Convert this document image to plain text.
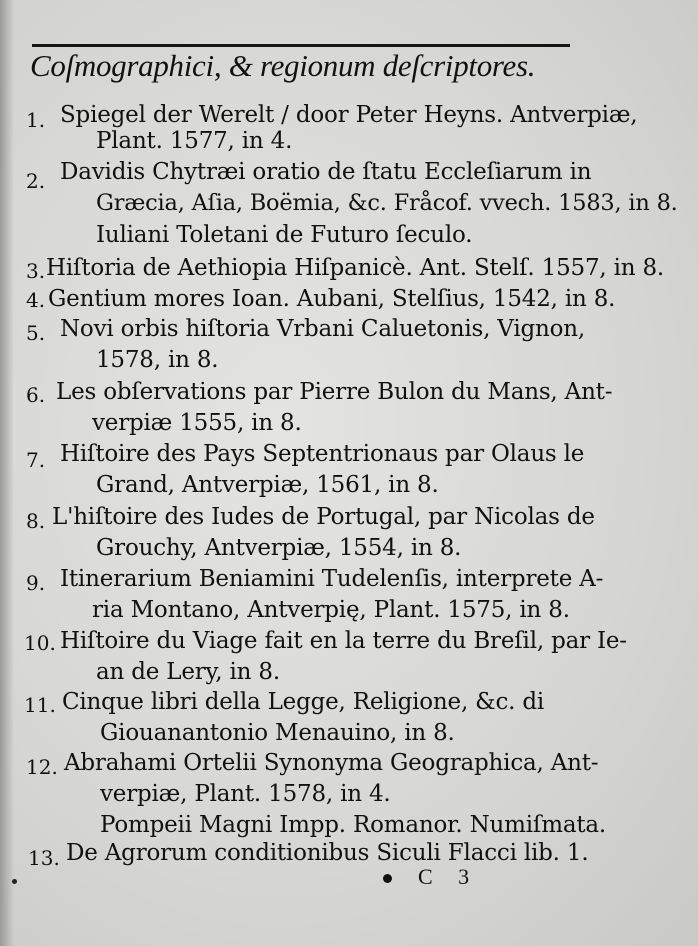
Coſmographici, & regionum deſcriptores.
1. Spiegel der Werelt / door Peter Heyns. Antverpiæ,
Plant. 1577, in 4.
2. Davidis Chytræi oratio de ſtatu Eccleſiarum in
Græcia, Aſia, Boëmia, &c. Fråcof. vvech. 1583, in 8.
Iuliani Toletani de Futuro ſeculo.
3. Hiſtoria de Aethiopia Hiſpanicè. Ant. Stelſ. 1557, in 8.
4. Gentium mores Ioan. Aubani, Stelſius, 1542, in 8.
5. Novi orbis hiſtoria Vrbani Caluetonis, Vignon,
1578, in 8.
6. Les obſervations par Pierre Bulon du Mans, Ant-
verpiæ 1555, in 8.
7. Hiſtoire des Pays Septentrionaus par Olaus le
Grand, Antverpiæ, 1561, in 8.
8. L'hiſtoire des Iudes de Portugal, par Nicolas de
Grouchy, Antverpiæ, 1554, in 8.
9. Itinerarium Beniamini Tudelenſis, interprete A-
ria Montano, Antverpię, Plant. 1575, in 8.
10. Hiſtoire du Viage fait en la terre du Breſil, par Ie-
an de Lery, in 8.
11. Cinque libri della Legge, Religione, &c. di
Giouanantonio Menauino, in 8.
12. Abrahami Ortelii Synonyma Geographica, Ant-
verpiæ, Plant. 1578, in 4.
Pompeii Magni Impp. Romanor. Numiſmata.
13. De Agrorum conditionibus Siculi Flacci lib. 1.
C 3
